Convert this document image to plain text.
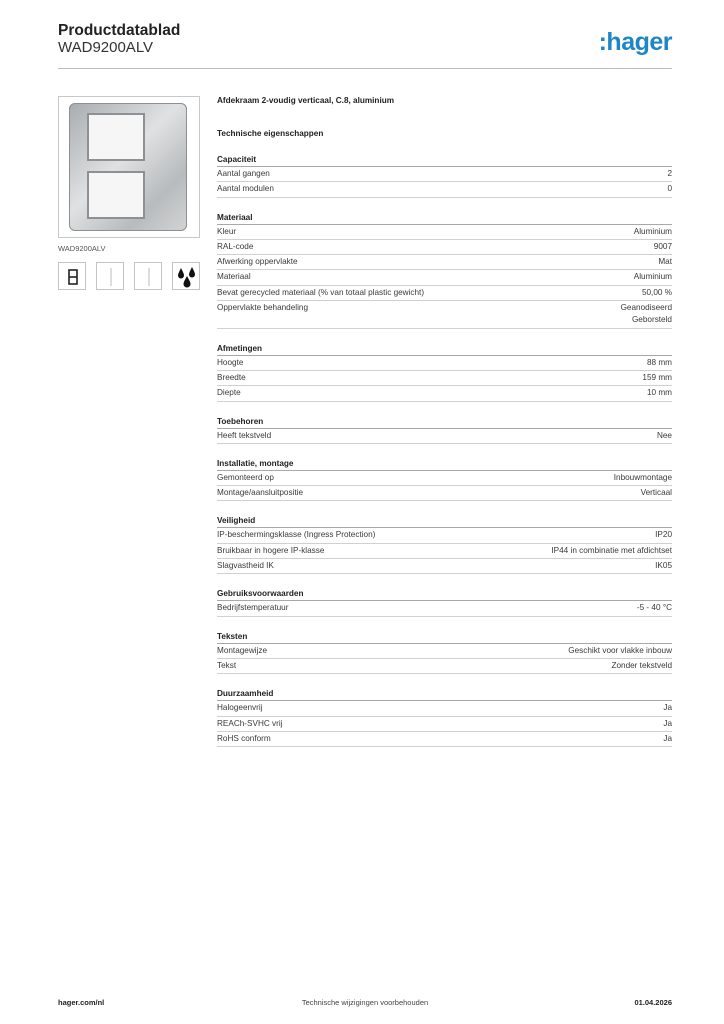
Productdatablad
WAD9200ALV	:hager
WAD9200ALV
Afdekraam 2-voudig verticaal, C.8, aluminium
Technische eigenschappen
Capaciteit
Aantal gangen	2
Aantal modulen	0
Materiaal
Kleur	Aluminium
RAL-code	9007
Afwerking oppervlakte	Mat
Materiaal	Aluminium
Bevat gerecycled materiaal (% van totaal plastic gewicht)	50,00 %
Oppervlakte behandeling	Geanodiseerd
Geborsteld
Afmetingen
Hoogte	88 mm
Breedte	159 mm
Diepte	10 mm
Toebehoren
Heeft tekstveld	Nee
Installatie, montage
Gemonteerd op	Inbouwmontage
Montage/aansluitpositie	Verticaal
Veiligheid
IP-beschermingsklasse (Ingress Protection)	IP20
Bruikbaar in hogere IP-klasse	IP44 in combinatie met afdichtset
Slagvastheid IK	IK05
Gebruiksvoorwaarden
Bedrijfstemperatuur	-5 - 40 °C
Teksten
Montagewijze	Geschikt voor vlakke inbouw
Tekst	Zonder tekstveld
Duurzaamheid
Halogeenvrij	Ja
REACh-SVHC vrij	Ja
RoHS conform	Ja
hager.com/nl	Technische wijzigingen voorbehouden	01.04.2026
